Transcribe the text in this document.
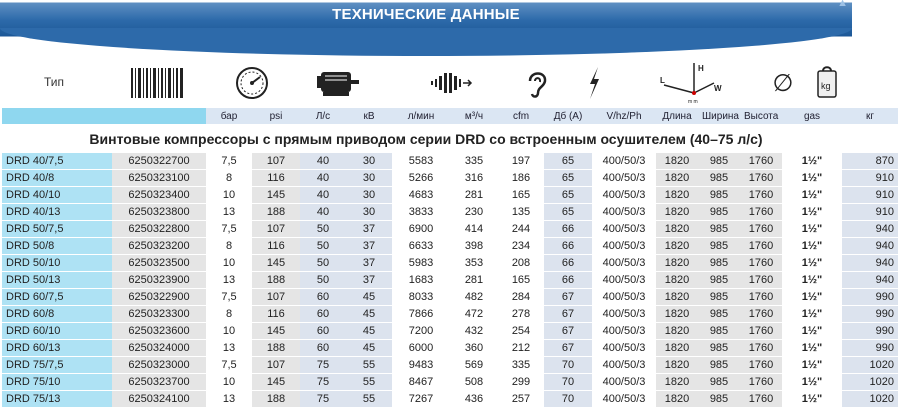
ТЕХНИЧЕСКИЕ ДАННЫЕ
▲
Тип
H
L
W
m m
∅	kg
		бар	psi	Л/с	кВ	л/мин	м³/ч	cfm	Дб (A)	V/hz/Ph	Длина	Ширина	Высота	gas	кг
Винтовые компрессоры с прямым приводом серии DRD со встроенным осушителем (40–75 л/с)
DRD 40/7,5	6250322700	7,5	107	40	30	5583	335	197	65	400/50/3	1820	985	1760	1½"	870
DRD 40/8	6250323100	8	116	40	30	5266	316	186	65	400/50/3	1820	985	1760	1½"	910
DRD 40/10	6250323400	10	145	40	30	4683	281	165	65	400/50/3	1820	985	1760	1½"	910
DRD 40/13	6250323800	13	188	40	30	3833	230	135	65	400/50/3	1820	985	1760	1½"	910
DRD 50/7,5	6250322800	7,5	107	50	37	6900	414	244	66	400/50/3	1820	985	1760	1½"	940
DRD 50/8	6250323200	8	116	50	37	6633	398	234	66	400/50/3	1820	985	1760	1½"	940
DRD 50/10	6250323500	10	145	50	37	5983	353	208	66	400/50/3	1820	985	1760	1½"	940
DRD 50/13	6250323900	13	188	50	37	1683	281	165	66	400/50/3	1820	985	1760	1½"	940
DRD 60/7,5	6250322900	7,5	107	60	45	8033	482	284	67	400/50/3	1820	985	1760	1½"	990
DRD 60/8	6250323300	8	116	60	45	7866	472	278	67	400/50/3	1820	985	1760	1½"	990
DRD 60/10	6250323600	10	145	60	45	7200	432	254	67	400/50/3	1820	985	1760	1½"	990
DRD 60/13	6250324000	13	188	60	45	6000	360	212	67	400/50/3	1820	985	1760	1½"	990
DRD 75/7,5	6250323000	7,5	107	75	55	9483	569	335	70	400/50/3	1820	985	1760	1½"	1020
DRD 75/10	6250323700	10	145	75	55	8467	508	299	70	400/50/3	1820	985	1760	1½"	1020
DRD 75/13	6250324100	13	188	75	55	7267	436	257	70	400/50/3	1820	985	1760	1½"	1020
